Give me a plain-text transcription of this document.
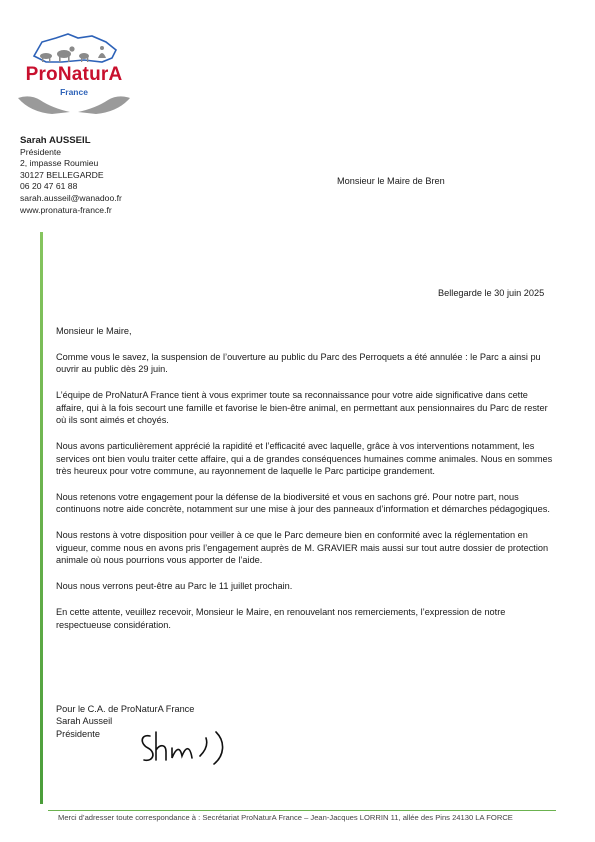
ProNaturA
France
Sarah AUSSEIL
Présidente
2, impasse Roumieu
30127 BELLEGARDE
06 20 47 61 88
sarah.ausseil@wanadoo.fr
www.pronatura-france.fr
Monsieur le Maire de Bren
Bellegarde le 30 juin 2025

Monsieur le Maire,

Comme vous le savez, la suspension de l’ouverture au public du Parc des Perroquets a été annulée : le Parc a ainsi pu ouvrir au public dès 29 juin.

L’équipe de ProNaturA France tient à vous exprimer toute sa reconnaissance pour votre aide significative dans cette affaire, qui à la fois secourt une famille et favorise le bien-être animal, en permettant aux pensionnaires du Parc de rester où ils sont aimés et choyés.

Nous avons particulièrement apprécié la rapidité et l’efficacité avec laquelle, grâce à vos interventions notamment, les services ont bien voulu traiter cette affaire, qui a de grandes conséquences humaines comme animales. Nous en sommes très heureux pour votre commune, au rayonnement de laquelle le Parc participe grandement.

Nous retenons votre engagement pour la défense de la biodiversité et vous en sachons gré. Pour notre part, nous continuons notre aide concrète, notamment sur une mise à jour des panneaux d’information et démarches pédagogiques.

Nous restons à votre disposition pour veiller à ce que le Parc demeure bien en conformité avec la réglementation en vigueur, comme nous en avons pris l’engagement auprès de M. GRAVIER mais aussi sur tout autre dossier de protection animale où nous pourrions vous apporter de l’aide.

Nous nous verrons peut-être au Parc le 11 juillet prochain.

En cette attente, veuillez recevoir, Monsieur le Maire, en renouvelant nos remerciements, l’expression de notre respectueuse considération.

Pour le C.A. de ProNaturA France
Sarah Ausseil
Présidente
Merci d’adresser toute correspondance à : Secrétariat ProNaturA France – Jean-Jacques LORRIN 11, allée des Pins 24130 LA FORCE
